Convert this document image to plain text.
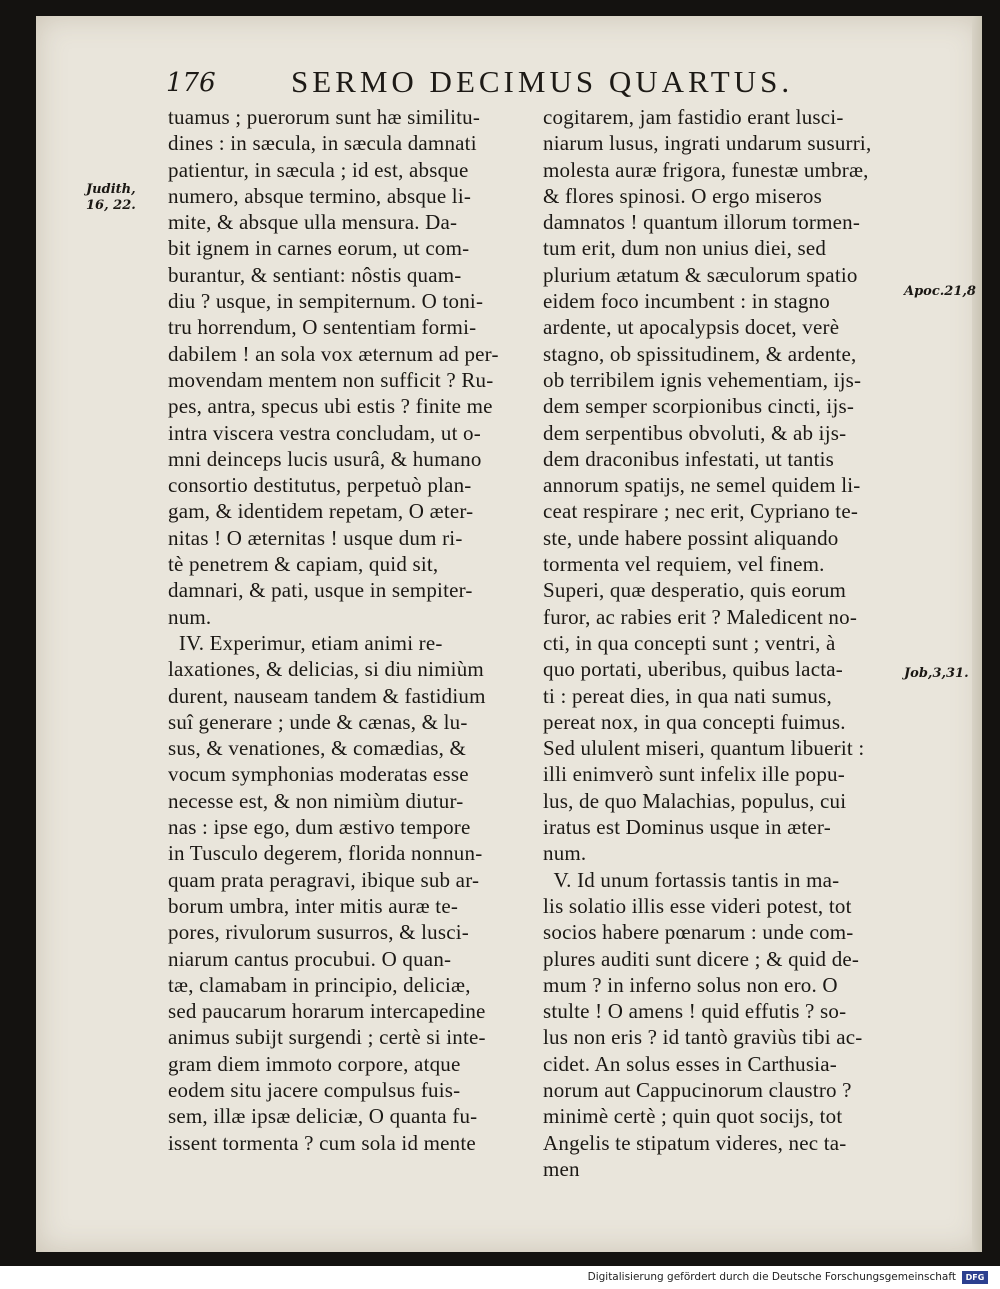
176 SERMO DECIMUS QUARTUS.
tuamus ; puerorum sunt hæ similitu-
dines : in sæcula, in sæcula damnati
patientur, in sæcula ; id est, absque
numero, absque termino, absque li-
mite, & absque ulla mensura. Da-
bit ignem in carnes eorum, ut com-
burantur, & sentiant: nôstis quam-
diu ? usque, in sempiternum. O toni-
tru horrendum, O sententiam formi-
dabilem ! an sola vox æternum ad per-
movendam mentem non sufficit ? Ru-
pes, antra, specus ubi estis ? finite me
intra viscera vestra concludam, ut o-
mni deinceps lucis usurâ, & humano
consortio destitutus, perpetuò plan-
gam, & identidem repetam, O æter-
nitas ! O æternitas ! usque dum ri-
tè penetrem & capiam, quid sit,
damnari, & pati, usque in sempiter-
num.
IV. Experimur, etiam animi re-
laxationes, & delicias, si diu nimiùm
durent, nauseam tandem & fastidium
suî generare ; unde & cænas, & lu-
sus, & venationes, & comædias, &
vocum symphonias moderatas esse
necesse est, & non nimiùm diutur-
nas : ipse ego, dum æstivo tempore
in Tusculo degerem, florida nonnun-
quam prata peragravi, ibique sub ar-
borum umbra, inter mitis auræ te-
pores, rivulorum susurros, & lusci-
niarum cantus procubui. O quan-
tæ, clamabam in principio, deliciæ,
sed paucarum horarum intercapedine
animus subijt surgendi ; certè si inte-
gram diem immoto corpore, atque
eodem situ jacere compulsus fuis-
sem, illæ ipsæ deliciæ, O quanta fu-
issent tormenta ? cum sola id mente
cogitarem, jam fastidio erant lusci-
niarum lusus, ingrati undarum susurri,
molesta auræ frigora, funestæ umbræ,
& flores spinosi. O ergo miseros
damnatos ! quantum illorum tormen-
tum erit, dum non unius diei, sed
plurium ætatum & sæculorum spatio
eidem foco incumbent : in stagno
ardente, ut apocalypsis docet, verè
stagno, ob spissitudinem, & ardente,
ob terribilem ignis vehementiam, ijs-
dem semper scorpionibus cincti, ijs-
dem serpentibus obvoluti, & ab ijs-
dem draconibus infestati, ut tantis
annorum spatijs, ne semel quidem li-
ceat respirare ; nec erit, Cypriano te-
ste, unde habere possint aliquando
tormenta vel requiem, vel finem.
Superi, quæ desperatio, quis eorum
furor, ac rabies erit ? Maledicent no-
cti, in qua concepti sunt ; ventri, à
quo portati, uberibus, quibus lacta-
ti : pereat dies, in qua nati sumus,
pereat nox, in qua concepti fuimus.
Sed ululent miseri, quantum libuerit :
illi enimverò sunt infelix ille popu-
lus, de quo Malachias, populus, cui
iratus est Dominus usque in æter-
num.
V. Id unum fortassis tantis in ma-
lis solatio illis esse videri potest, tot
socios habere pœnarum : unde com-
plures auditi sunt dicere ; & quid de-
mum ? in inferno solus non ero. O
stulte ! O amens ! quid effutis ? so-
lus non eris ? id tantò graviùs tibi ac-
cidet. An solus esses in Carthusia-
norum aut Cappucinorum claustro ?
minimè certè ; quin quot socijs, tot
Angelis te stipatum videres, nec ta-
men
Judith,
16, 22.
Apoc.21,8
Job,3,31.
Digitalisierung gefördert durch die Deutsche Forschungsgemeinschaft	DFG
